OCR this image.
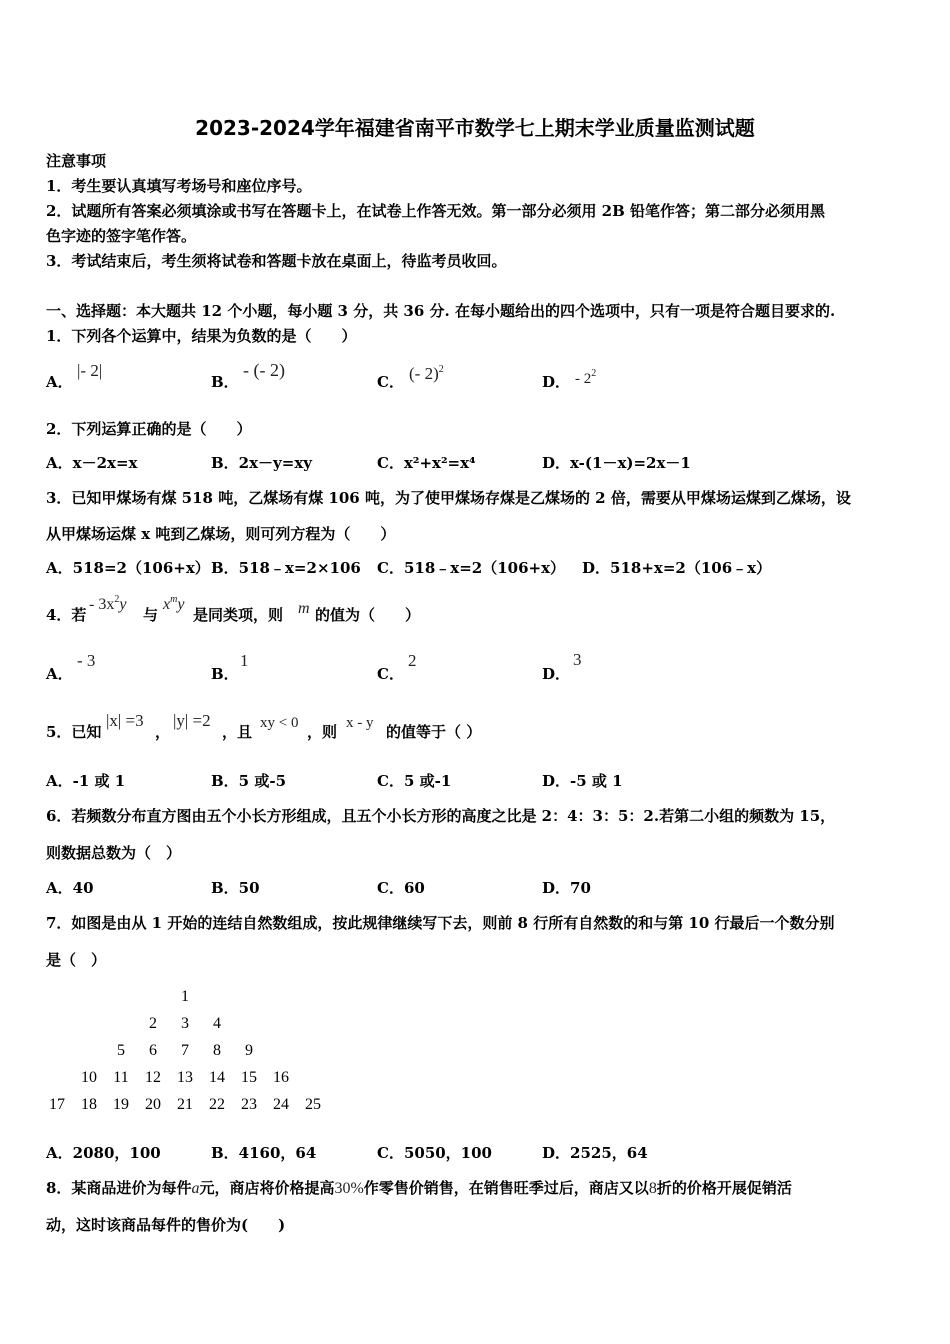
2023-2024学年福建省南平市数学七上期末学业质量监测试题
注意事项
1．考生要认真填写考场号和座位序号。
2．试题所有答案必须填涂或书写在答题卡上，在试卷上作答无效。第一部分必须用 2B 铅笔作答；第二部分必须用黑
色字迹的签字笔作答。
3．考试结束后，考生须将试卷和答题卡放在桌面上，待监考员收回。
一、选择题：本大题共 12 个小题，每小题 3 分，共 36 分. 在每小题给出的四个选项中，只有一项是符合题目要求的.
1．下列各个运算中，结果为负数的是（　　）
A．
|- 2|
B．
- (- 2)
C． (- 2)$^2$
D． - $2^2$
2．下列运算正确的是（　　）
A．x－2x=x	B．2x－y=xy	C．x²+x²=x⁴	D．x-(1－x)=2x－1
3．已知甲煤场有煤 518 吨，乙煤场有煤 106 吨，为了使甲煤场存煤是乙煤场的 2 倍，需要从甲煤场运煤到乙煤场，设
从甲煤场运煤 x 吨到乙煤场，则可列方程为（　　）
A．518=2（106+x） B．518﹣x=2×106 C．518﹣x=2（106+x） D．518+x=2（106﹣x）
4．若
- $3x^2y$
与
$x^my$
是同类项，则 m 的值为（　　）
A．
- 3
B．
1
C．
2
D．
3
5．已知
|x| =3
，
|y| =2
，且 xy < 0 ，则 x - y 的值等于（ ）
A．-1 或 1	B．5 或-5	C．5 或-1	D．-5 或 1
6．若频数分布直方图由五个小长方形组成，且五个小长方形的高度之比是 2：4：3：5：2.若第二小组的频数为 15，
则数据总数为（　）
A．40	B．50	C．60	D．70
7．如图是由从 1 开始的连结自然数组成，按此规律继续写下去，则前 8 行所有自然数的和与第 10 行最后一个数分别
是（　）
1
2	3	4
5	6	7	8	9
10	11	12	13	14	15	16
17	18	19	20	21	22	23	24	25
A．2080，100	B．4160，64	C．5050，100	D．2525，64
8．某商品进价为每件a元，商店将价格提高30%作零售价销售，在销售旺季过后，商店又以8折的价格开展促销活
动，这时该商品每件的售价为(　　)
